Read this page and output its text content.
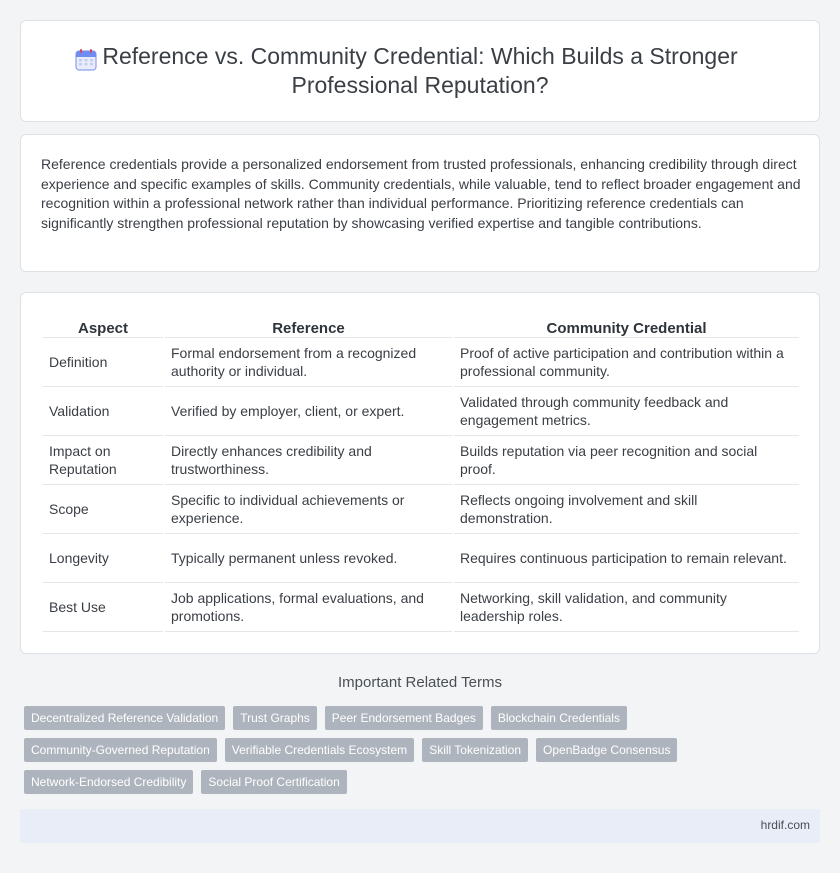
Reference vs. Community Credential: Which Builds a Stronger Professional Reputation?

Reference credentials provide a personalized endorsement from trusted professionals, enhancing credibility through direct experience and specific examples of skills. Community credentials, while valuable, tend to reflect broader engagement and recognition within a professional network rather than individual performance. Prioritizing reference credentials can significantly strengthen professional reputation by showcasing verified expertise and tangible contributions.

Aspect	Reference	Community Credential
Definition	Formal endorsement from a recognized authority or individual.	Proof of active participation and contribution within a professional community.
Validation	Verified by employer, client, or expert.	Validated through community feedback and engagement metrics.
Impact on Reputation	Directly enhances credibility and trustworthiness.	Builds reputation via peer recognition and social proof.
Scope	Specific to individual achievements or experience.	Reflects ongoing involvement and skill demonstration.
Longevity	Typically permanent unless revoked.	Requires continuous participation to remain relevant.
Best Use	Job applications, formal evaluations, and promotions.	Networking, skill validation, and community leadership roles.
Important Related Terms
Decentralized Reference Validation	Trust Graphs	Peer Endorsement Badges	Blockchain Credentials
Community-Governed Reputation	Verifiable Credentials Ecosystem	Skill Tokenization	OpenBadge Consensus
Network-Endorsed Credibility	Social Proof Certification
hrdif.com
